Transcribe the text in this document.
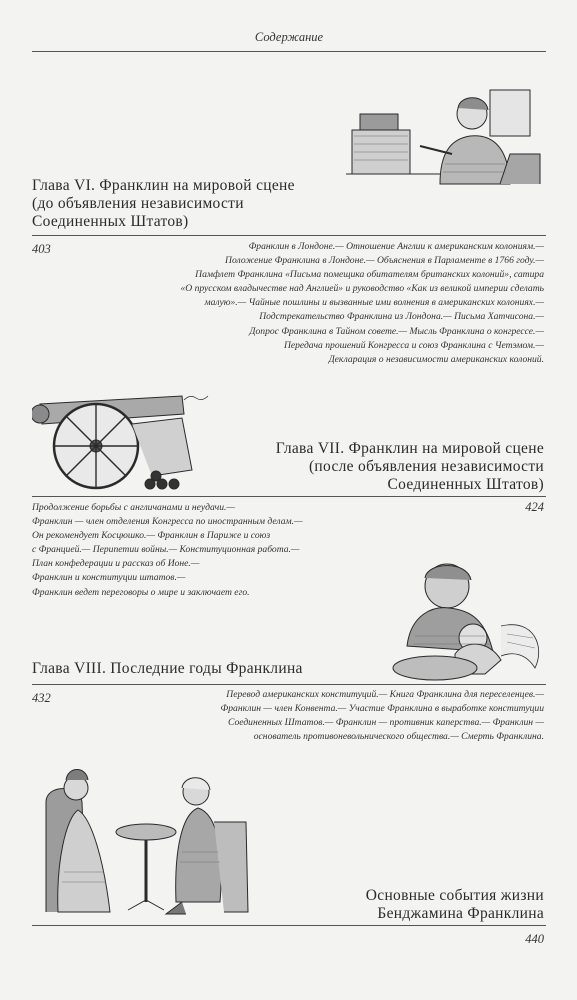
Содержание
Глава VI. Франклин на мировой сцене
(до объявления независимости
Соединенных Штатов)
403	Франклин в Лондоне.— Отношение Англии к американским колониям.—
Положение Франклина в Лондоне.— Объяснения в Парламенте в 1766 году.—
Памфлет Франклина «Письма помещика обитателям британских колоний», сатира
«О прусском владычестве над Англией» и руководство «Как из великой империи сделать
малую».— Чайные пошлины и вызванные ими волнения в американских колониях.—
Подстрекательство Франклина из Лондона.— Письма Хатчисона.—
Допрос Франклина в Тайном совете.— Мысль Франклина о конгрессе.—
Передача прошений Конгресса и союз Франклина с Четэмом.—
Декларация о независимости американских колоний.

Глава VII. Франклин на мировой сцене
(после объявления независимости
Соединенных Штатов)
424

Продолжение борьбы с англичанами и неудачи.—
Франклин — член отделения Конгресса по иностранным делам.—
Он рекомендует Косцюшко.— Франклин в Париже и союз
с Францией.— Перипетии войны.— Конституционная работа.—
План конфедерации и рассказ об Ионе.—
Франклин и конституции штатов.—
Франклин ведет переговоры о мире и заключает его.

Глава VIII. Последние годы Франклина
432	Перевод американских конституций.— Книга Франклина для переселенцев.—
Франклин — член Конвента.— Участие Франклина в выработке конституции
Соединенных Штатов.— Франклин — противник каперства.— Франклин —
основатель противоневольнического общества.— Смерть Франклина.

Основные события жизни
Бенджамина Франклина
440
